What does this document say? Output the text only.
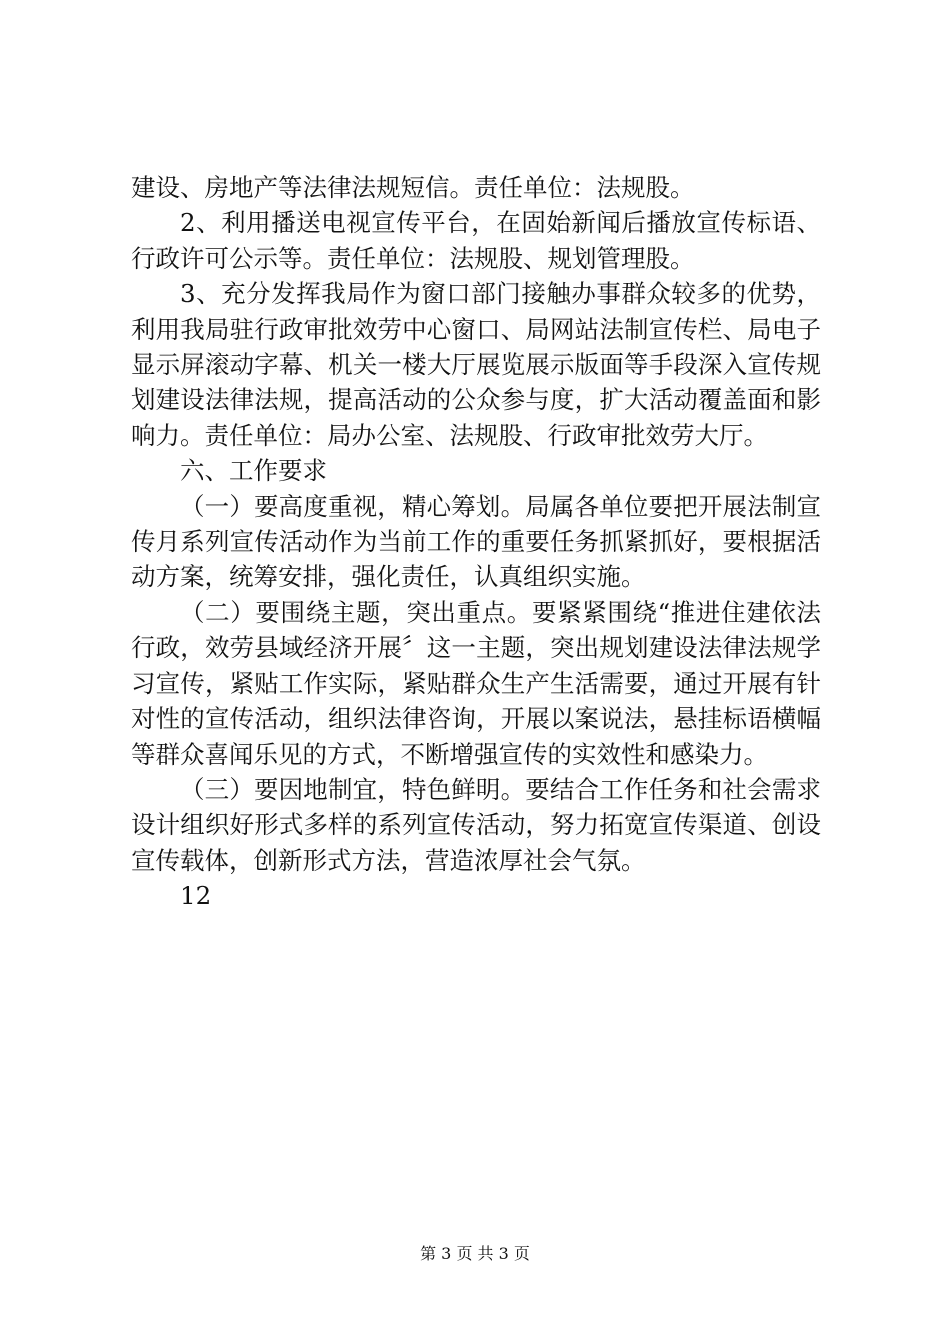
建设、房地产等法律法规短信。责任单位：法规股。

2、利用播送电视宣传平台，在固始新闻后播放宣传标语、行政许可公示等。责任单位：法规股、规划管理股。

3、充分发挥我局作为窗口部门接触办事群众较多的优势，利用我局驻行政审批效劳中心窗口、局网站法制宣传栏、局电子显示屏滚动字幕、机关一楼大厅展览展示版面等手段深入宣传规划建设法律法规，提高活动的公众参与度，扩大活动覆盖面和影响力。责任单位：局办公室、法规股、行政审批效劳大厅。

六、工作要求

（一）要高度重视，精心筹划。局属各单位要把开展法制宣传月系列宣传活动作为当前工作的重要任务抓紧抓好，要根据活动方案，统筹安排，强化责任，认真组织实施。

（二）要围绕主题，突出重点。要紧紧围绕“推进住建依法行政，效劳县域经济开展〞这一主题，突出规划建设法律法规学习宣传，紧贴工作实际，紧贴群众生产生活需要，通过开展有针对性的宣传活动，组织法律咨询，开展以案说法，悬挂标语横幅等群众喜闻乐见的方式，不断增强宣传的实效性和感染力。

（三）要因地制宜，特色鲜明。要结合工作任务和社会需求设计组织好形式多样的系列宣传活动，努力拓宽宣传渠道、创设宣传载体，创新形式方法，营造浓厚社会气氛。

12

第 3 页 共 3 页
